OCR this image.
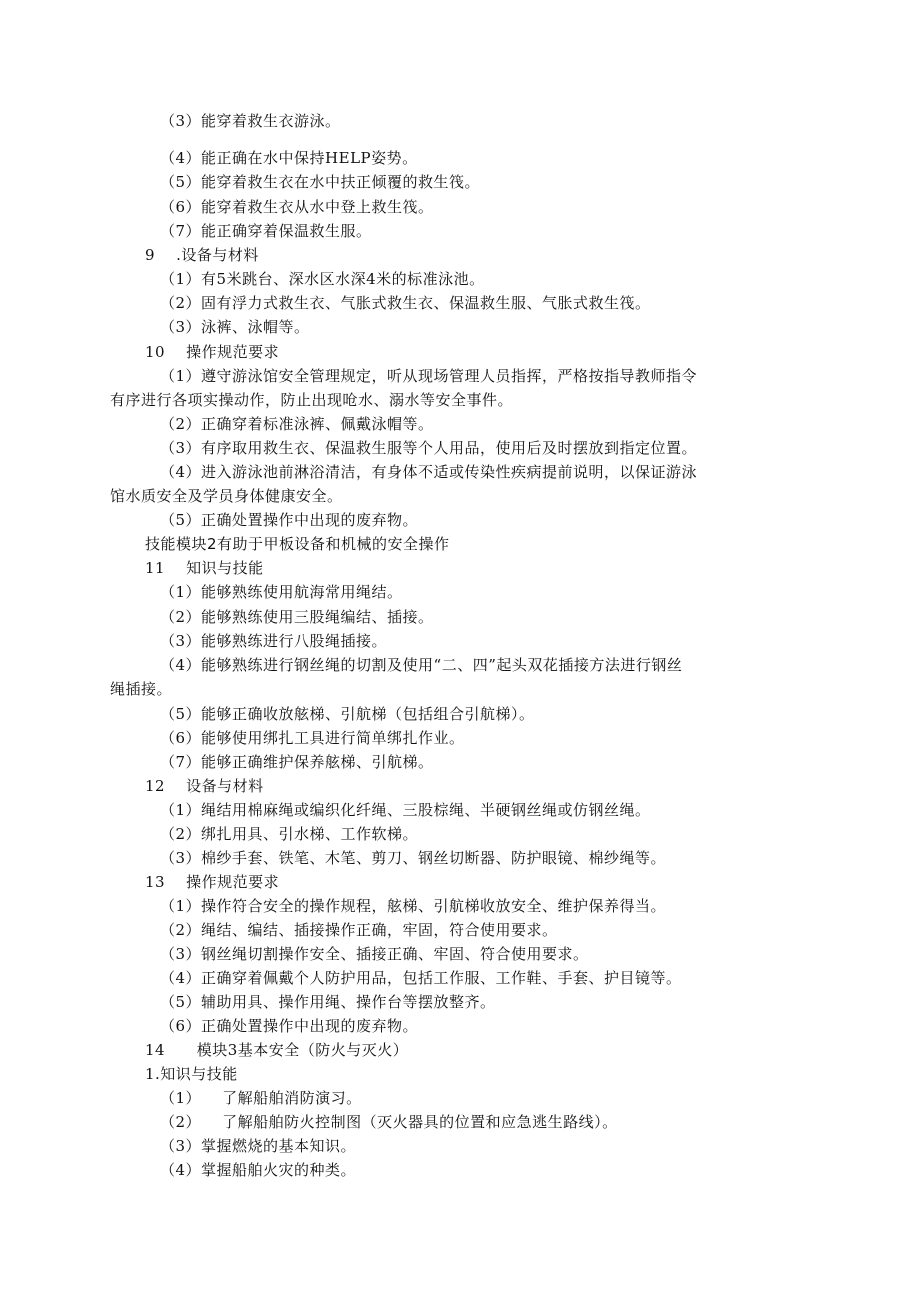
（3）能穿着救生衣游泳。
（4）能正确在水中保持HELP姿势。
（5）能穿着救生衣在水中扶正倾覆的救生筏。
（6）能穿着救生衣从水中登上救生筏。
（7）能正确穿着保温救生服。
9    .设备与材料
（1）有5米跳台、深水区水深4米的标准泳池。
（2）固有浮力式救生衣、气胀式救生衣、保温救生服、气胀式救生筏。
（3）泳裤、泳帽等。
10    操作规范要求
（1）遵守游泳馆安全管理规定，听从现场管理人员指挥，严格按指导教师指令
有序进行各项实操动作，防止出现呛水、溺水等安全事件。
（2）正确穿着标准泳裤、佩戴泳帽等。
（3）有序取用救生衣、保温救生服等个人用品，使用后及时摆放到指定位置。
（4）进入游泳池前淋浴清洁，有身体不适或传染性疾病提前说明，以保证游泳
馆水质安全及学员身体健康安全。
（5）正确处置操作中出现的废弃物。
技能模块2有助于甲板设备和机械的安全操作
11    知识与技能
（1）能够熟练使用航海常用绳结。
（2）能够熟练使用三股绳编结、插接。
（3）能够熟练进行八股绳插接。
（4）能够熟练进行钢丝绳的切割及使用“二、四”起头双花插接方法进行钢丝
绳插接。
（5）能够正确收放舷梯、引航梯（包括组合引航梯）。
（6）能够使用绑扎工具进行简单绑扎作业。
（7）能够正确维护保养舷梯、引航梯。
12    设备与材料
（1）绳结用棉麻绳或编织化纤绳、三股棕绳、半硬钢丝绳或仿钢丝绳。
（2）绑扎用具、引水梯、工作软梯。
（3）棉纱手套、铁笔、木笔、剪刀、钢丝切断器、防护眼镜、棉纱绳等。
13    操作规范要求
（1）操作符合安全的操作规程，舷梯、引航梯收放安全、维护保养得当。
（2）绳结、编结、插接操作正确，牢固，符合使用要求。
（3）钢丝绳切割操作安全、插接正确、牢固、符合使用要求。
（4）正确穿着佩戴个人防护用品，包括工作服、工作鞋、手套、护目镜等。
（5）辅助用具、操作用绳、操作台等摆放整齐。
（6）正确处置操作中出现的废弃物。
14      模块3基本安全（防火与灭火）
1.知识与技能
（1）    了解船舶消防演习。
（2）    了解船舶防火控制图（灭火器具的位置和应急逃生路线）。
（3）掌握燃烧的基本知识。
（4）掌握船舶火灾的种类。
